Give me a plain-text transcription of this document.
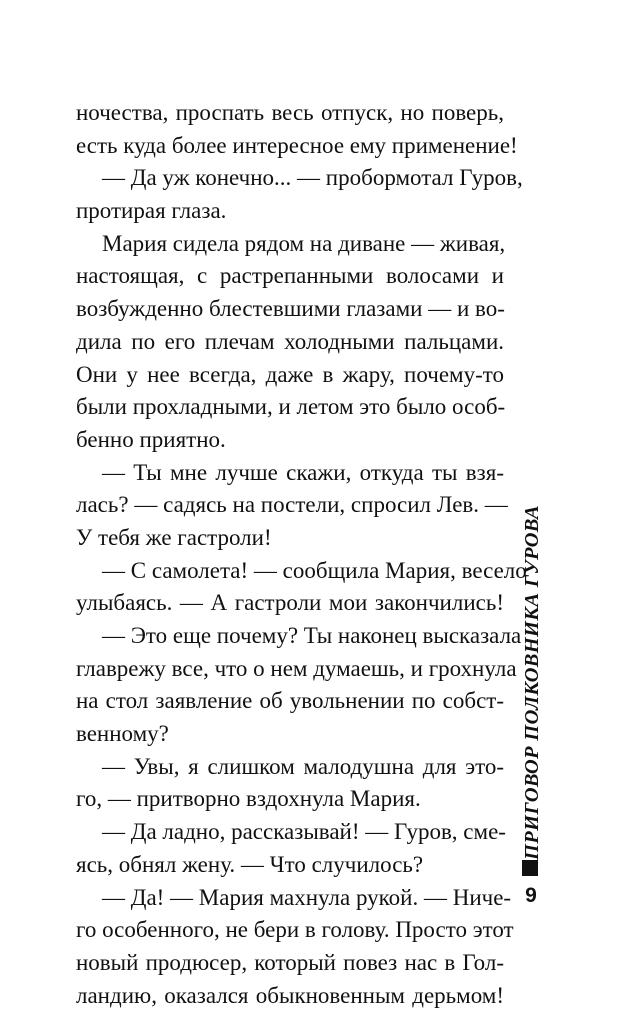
ночества, проспать весь отпуск, но поверь,
есть куда более интересное ему применение!
— Да уж конечно... — пробормотал Гуров,
протирая глаза.
Мария сидела рядом на диване — живая,
настоящая, с растрепанными волосами и
возбужденно блестевшими глазами — и во-
дила по его плечам холодными пальцами.
Они у нее всегда, даже в жару, почему-то
были прохладными, и летом это было особ-
бенно приятно.
— Ты мне лучше скажи, откуда ты взя-
лась? — садясь на постели, спросил Лев. —
У тебя же гастроли!
— С самолета! — сообщила Мария, весело
улыбаясь. — А гастроли мои закончились!
— Это еще почему? Ты наконец высказала
главрежу все, что о нем думаешь, и грохнула
на стол заявление об увольнении по собст-
венному?
— Увы, я слишком малодушна для это-
го, — притворно вздохнула Мария.
— Да ладно, рассказывай! — Гуров, сме-
ясь, обнял жену. — Что случилось?
— Да! — Мария махнула рукой. — Ниче-
го особенного, не бери в голову. Просто этот
новый продюсер, который повез нас в Гол-
ландию, оказался обыкновенным дерьмом!
ПРИГОВОР ПОЛКОВНИКА ГУРОВА
9
